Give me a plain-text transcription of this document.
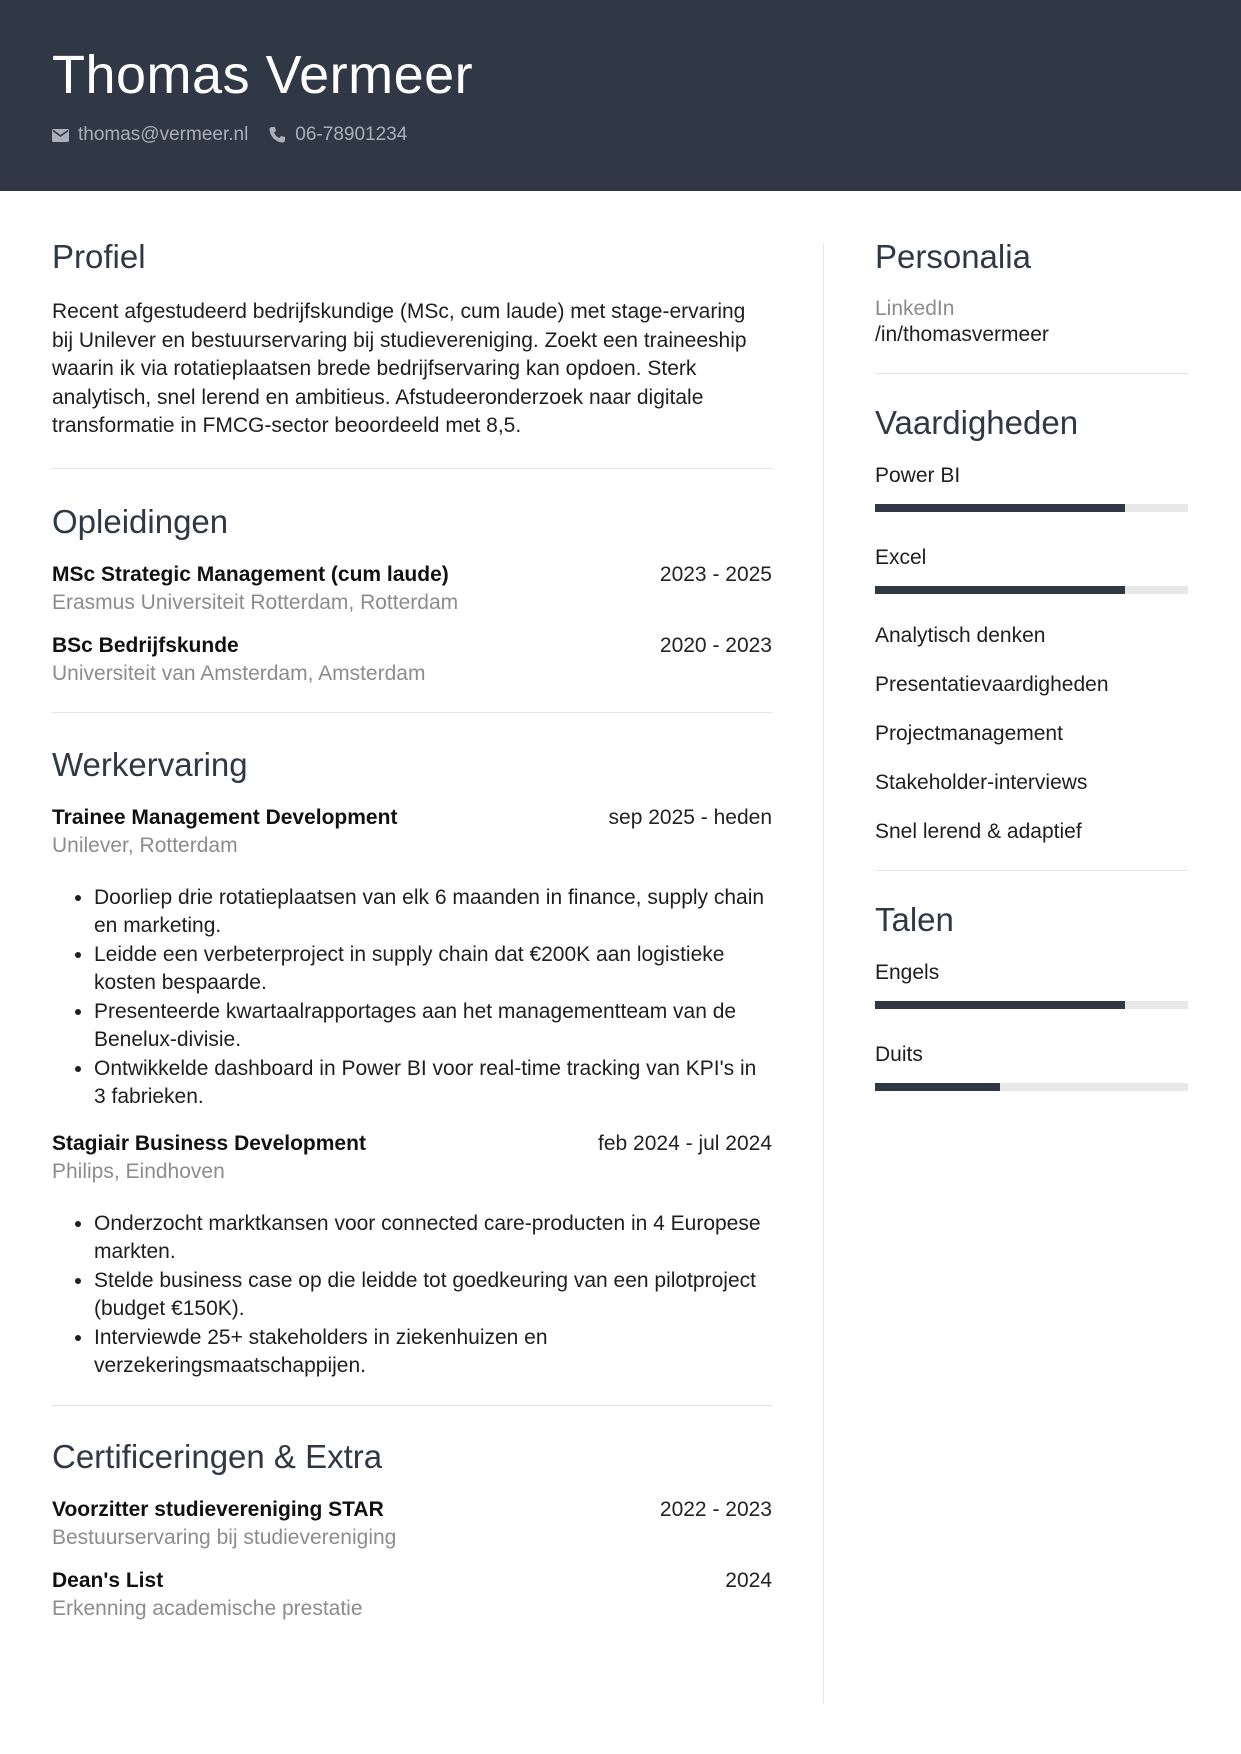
Thomas Vermeer
thomas@vermeer.nl 06-78901234
Profiel

Recent afgestudeerd bedrijfskundige (MSc, cum laude) met stage-ervaring bij Unilever en bestuurservaring bij studievereniging. Zoekt een traineeship waarin ik via rotatieplaatsen brede bedrijfservaring kan opdoen. Sterk analytisch, snel lerend en ambitieus. Afstudeeronderzoek naar digitale transformatie in FMCG-sector beoordeeld met 8,5.

Opleidingen
MSc Strategic Management (cum laude)	2023 - 2025
Erasmus Universiteit Rotterdam, Rotterdam
BSc Bedrijfskunde	2020 - 2023
Universiteit van Amsterdam, Amsterdam
Werkervaring
Trainee Management Development	sep 2025 - heden
Unilever, Rotterdam
• Doorliep drie rotatieplaatsen van elk 6 maanden in finance, supply chain en marketing.
• Leidde een verbeterproject in supply chain dat €200K aan logistieke kosten bespaarde.
• Presenteerde kwartaalrapportages aan het managementteam van de Benelux-divisie.
• Ontwikkelde dashboard in Power BI voor real-time tracking van KPI's in 3 fabrieken.
Stagiair Business Development	feb 2024 - jul 2024
Philips, Eindhoven
• Onderzocht marktkansen voor connected care-producten in 4 Europese markten.
• Stelde business case op die leidde tot goedkeuring van een pilotproject (budget €150K).
• Interviewde 25+ stakeholders in ziekenhuizen en verzekeringsmaatschappijen.
Certificeringen & Extra
Voorzitter studievereniging STAR	2022 - 2023
Bestuurservaring bij studievereniging
Dean's List	2024
Erkenning academische prestatie
Personalia
LinkedIn
/in/thomasvermeer
Vaardigheden
Power BI
Excel
Analytisch denken
Presentatievaardigheden
Projectmanagement
Stakeholder-interviews
Snel lerend & adaptief
Talen
Engels
Duits
